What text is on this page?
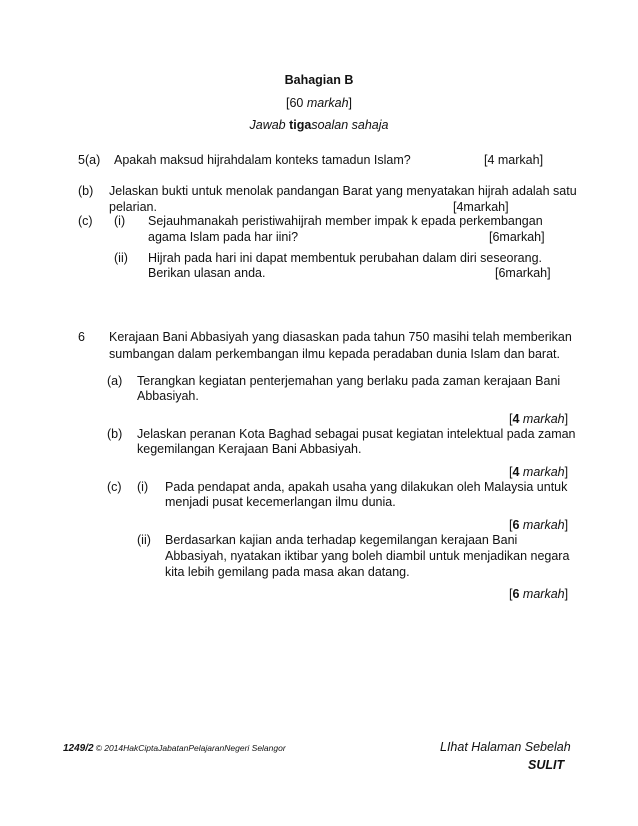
Bahagian B
[60 markah]
Jawab tigasoalan sahaja
5(a) Apakah maksud hijrahdalam konteks tamadun Islam?	[4 markah]
(b) Jelaskan bukti untuk menolak pandangan Barat yang menyatakan hijrah adalah satu
pelarian.	[4markah]
(c) (i) Sejauhmanakah peristiwahijrah member impak k epada perkembangan
agama Islam pada har iini?	[6markah]
(ii) Hijrah pada hari ini dapat membentuk perubahan dalam diri seseorang.
Berikan ulasan anda.	[6markah]
6 Kerajaan Bani Abbasiyah yang diasaskan pada tahun 750 masihi telah memberikan
sumbangan dalam perkembangan ilmu kepada peradaban dunia Islam dan barat.
(a) Terangkan kegiatan penterjemahan yang berlaku pada zaman kerajaan Bani
Abbasiyah.
[4 markah]
(b) Jelaskan peranan Kota Baghad sebagai pusat kegiatan intelektual pada zaman
kegemilangan Kerajaan Bani Abbasiyah.
[4 markah]
(c) (i) Pada pendapat anda, apakah usaha yang dilakukan oleh Malaysia untuk
menjadi pusat kecemerlangan ilmu dunia.
[6 markah]
(ii) Berdasarkan kajian anda terhadap kegemilangan kerajaan Bani
Abbasiyah, nyatakan iktibar yang boleh diambil untuk menjadikan negara
kita lebih gemilang pada masa akan datang.
[6 markah]
1249/2 © 2014HakCiptaJabatanPelajaranNegeri Selangor	LIhat Halaman Sebelah
SULIT
